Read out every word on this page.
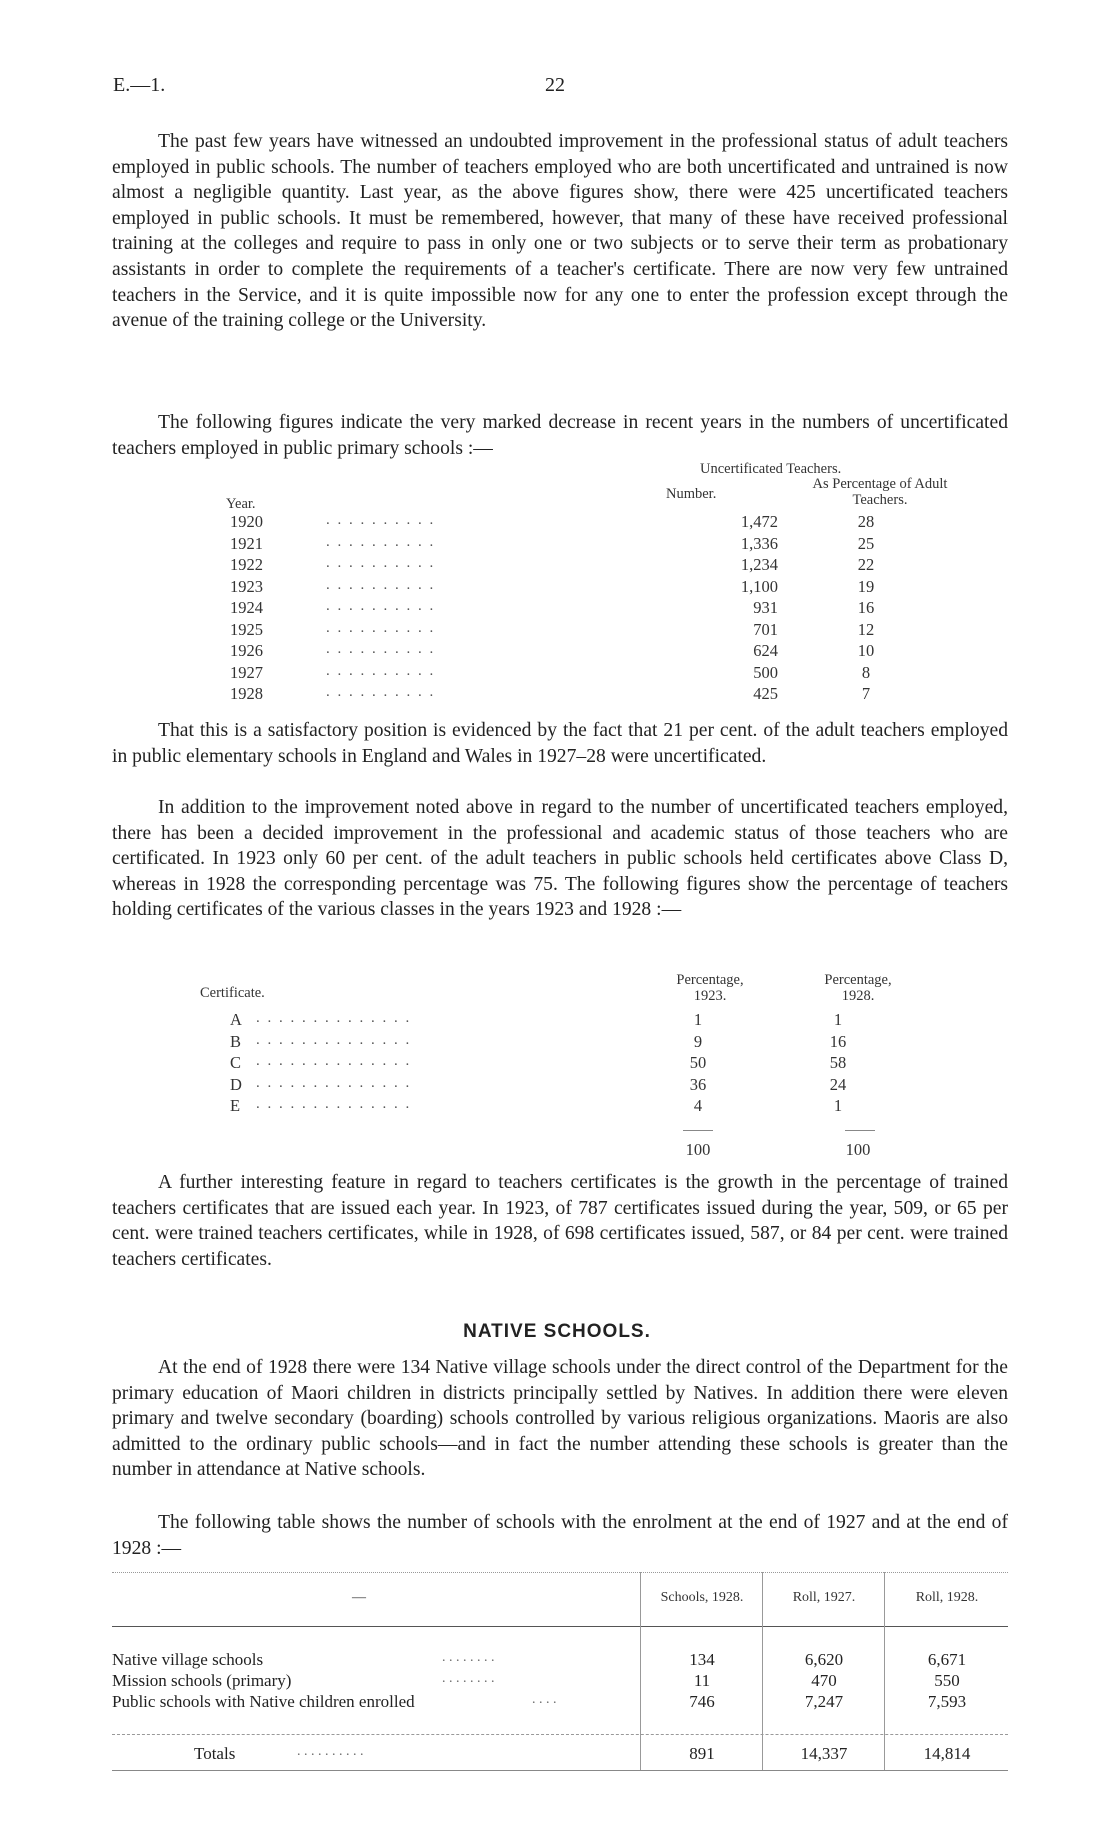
E.—1.	22

The past few years have witnessed an undoubted improvement in the professional status of adult teachers employed in public schools. The number of teachers employed who are both uncertificated and untrained is now almost a negligible quantity. Last year, as the above figures show, there were 425 uncertificated teachers employed in public schools. It must be remembered, however, that many of these have received professional training at the colleges and require to pass in only one or two subjects or to serve their term as probationary assistants in order to complete the requirements of a teacher's certificate. There are now very few untrained teachers in the Service, and it is quite impossible now for any one to enter the profession except through the avenue of the training college or the University.

The following figures indicate the very marked decrease in recent years in the numbers of uncertificated teachers employed in public primary schools :—

Uncertificated Teachers.
Year.
Number.
As Percentage of Adult Teachers.
1920	. . . . . . . . . .	1,472	28
1921	. . . . . . . . . .	1,336	25
1922	. . . . . . . . . .	1,234	22
1923	. . . . . . . . . .	1,100	19
1924	. . . . . . . . . .	931	16
1925	. . . . . . . . . .	701	12
1926	. . . . . . . . . .	624	10
1927	. . . . . . . . . .	500	8
1928	. . . . . . . . . .	425	7

That this is a satisfactory position is evidenced by the fact that 21 per cent. of the adult teachers employed in public elementary schools in England and Wales in 1927–28 were uncertificated.

In addition to the improvement noted above in regard to the number of uncertificated teachers employed, there has been a decided improvement in the professional and academic status of those teachers who are certificated. In 1923 only 60 per cent. of the adult teachers in public schools held certificates above Class D, whereas in 1928 the corresponding percentage was 75. The following figures show the percentage of teachers holding certificates of the various classes in the years 1923 and 1928 :—

Certificate.
Percentage, 1923.
Percentage, 1928.
A . . . . . . . . . . . . . .	1	1
B . . . . . . . . . . . . . .	9	16
C . . . . . . . . . . . . . .	50	58
D . . . . . . . . . . . . . .	36	24
E . . . . . . . . . . . . . .	4	1
100	100

A further interesting feature in regard to teachers certificates is the growth in the percentage of trained teachers certificates that are issued each year. In 1923, of 787 certificates issued during the year, 509, or 65 per cent. were trained teachers certificates, while in 1928, of 698 certificates issued, 587, or 84 per cent. were trained teachers certificates.

NATIVE SCHOOLS.

At the end of 1928 there were 134 Native village schools under the direct control of the Department for the primary education of Maori children in districts principally settled by Natives. In addition there were eleven primary and twelve secondary (boarding) schools controlled by various religious organizations. Maoris are also admitted to the ordinary public schools—and in fact the number attending these schools is greater than the number in attendance at Native schools.

The following table shows the number of schools with the enrolment at the end of 1927 and at the end of 1928 :—

—	Schools, 1928.	Roll, 1927.	Roll, 1928.
Native village schools	. . . . . . . .	134	6,620	6,671
Mission schools (primary)	. . . . . . . .	11	470	550
Public schools with Native children enrolled	. . . .	746	7,247	7,593
Totals	. . . . . . . . . .	891	14,337	14,814
